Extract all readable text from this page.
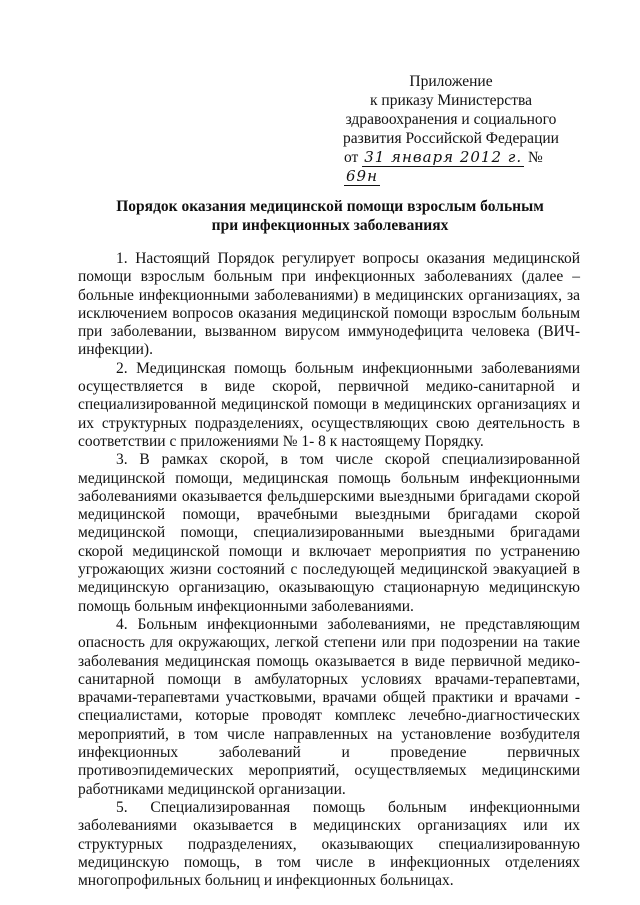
Приложение
к приказу Министерства
здравоохранения и социального
развития Российской Федерации
от 31 января 2012 г. № 69н
Порядок оказания медицинской помощи взрослым больным
при инфекционных заболеваниях

1. Настоящий Порядок регулирует вопросы оказания медицинской помощи взрослым больным при инфекционных заболеваниях (далее – больные инфекционными заболеваниями) в медицинских организациях, за исключением вопросов оказания медицинской помощи взрослым больным при заболевании, вызванном вирусом иммунодефицита человека (ВИЧ-инфекции).

2. Медицинская помощь больным инфекционными заболеваниями осуществляется в виде скорой, первичной медико-санитарной и специализированной медицинской помощи в медицинских организациях и их структурных подразделениях, осуществляющих свою деятельность в соответствии с приложениями № 1- 8 к настоящему Порядку.

3. В рамках скорой, в том числе скорой специализированной медицинской помощи, медицинская помощь больным инфекционными заболеваниями оказывается фельдшерскими выездными бригадами скорой медицинской помощи, врачебными выездными бригадами скорой медицинской помощи, специализированными выездными бригадами скорой медицинской помощи и включает мероприятия по устранению угрожающих жизни состояний с последующей медицинской эвакуацией в медицинскую организацию, оказывающую стационарную медицинскую помощь больным инфекционными заболеваниями.

4. Больным инфекционными заболеваниями, не представляющим опасность для окружающих, легкой степени или при подозрении на такие заболевания медицинская помощь оказывается в виде первичной медико-санитарной помощи в амбулаторных условиях врачами-терапевтами, врачами-терапевтами участковыми, врачами общей практики и врачами - специалистами, которые проводят комплекс лечебно-диагностических мероприятий, в том числе направленных на установление возбудителя инфекционных заболеваний и проведение первичных противоэпидемических мероприятий, осуществляемых медицинскими работниками медицинской организации.

5. Специализированная помощь больным инфекционными заболеваниями оказывается в медицинских организациях или их структурных подразделениях, оказывающих специализированную медицинскую помощь, в том числе в инфекционных отделениях многопрофильных больниц и инфекционных больницах.
